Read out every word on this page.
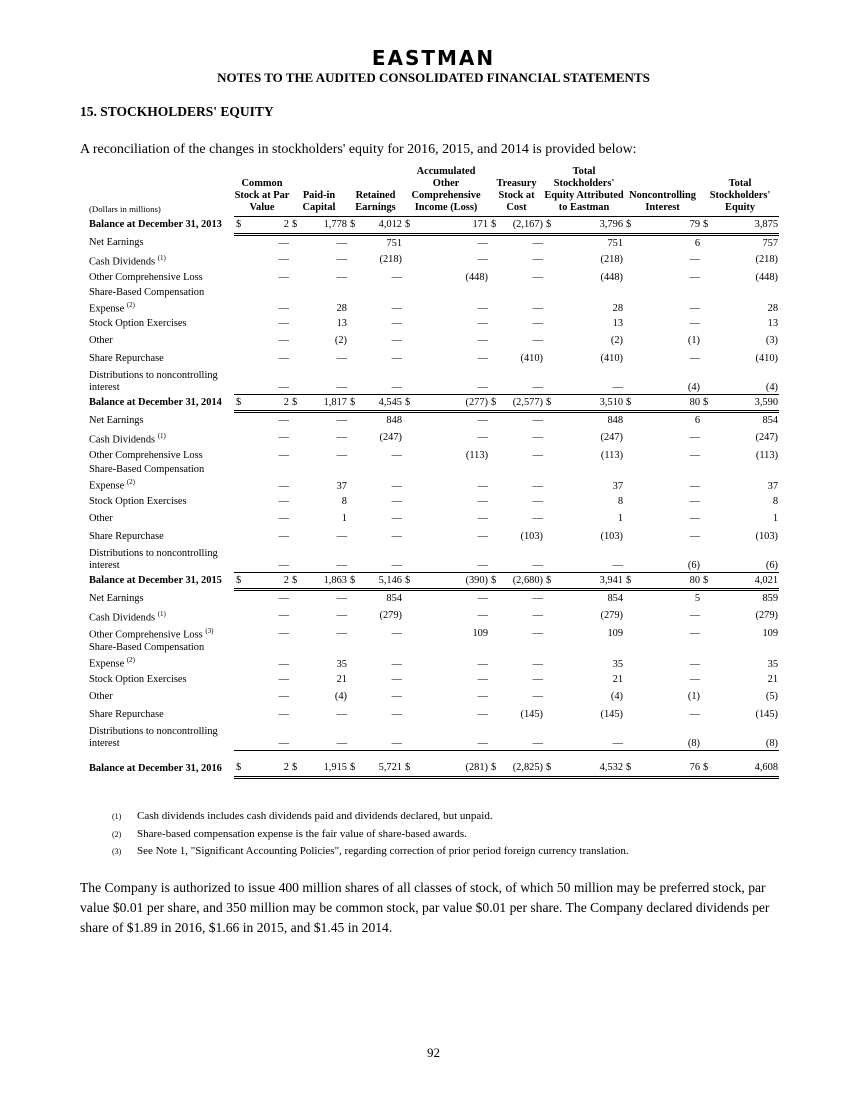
EASTMAN
NOTES TO THE AUDITED CONSOLIDATED FINANCIAL STATEMENTS
15. STOCKHOLDERS' EQUITY
A reconciliation of the changes in stockholders' equity for 2016, 2015, and 2014 is provided below:
(Dollars in millions)	Common Stock at Par Value		Paid-in Capital		Retained Earnings		Accumulated Other Comprehensive Income (Loss)		Treasury Stock at Cost		Total Stockholders' Equity Attributed to Eastman		Noncontrolling Interest		Total Stockholders' Equity	
Balance at December 31, 2013	$	2	$	1,778	$	4,012	$	171	$	(2,167)	$	3,796	$	79	$	3,875
Net Earnings		—		—		751		—		—		751		6		757
Cash Dividends $^{(1)}$		—		—		(218)		—		—		(218)		—		(218)
Other Comprehensive Loss		—		—		—		(448)		—		(448)		—		(448)
Share-Based Compensation Expense $^{(2)}$		—		28		—		—		—		28		—		28
Stock Option Exercises		—		13		—		—		—		13		—		13
Other		—		(2)		—		—		—		(2)		(1)		(3)
Share Repurchase		—		—		—		—		(410)		(410)		—		(410)
Distributions to noncontrolling interest		—		—		—		—		—		—		(4)		(4)
Balance at December 31, 2014	$	2	$	1,817	$	4,545	$	(277)	$	(2,577)	$	3,510	$	80	$	3,590
Net Earnings		—		—		848		—		—		848		6		854
Cash Dividends $^{(1)}$		—		—		(247)		—		—		(247)		—		(247)
Other Comprehensive Loss		—		—		—		(113)		—		(113)		—		(113)
Share-Based Compensation Expense $^{(2)}$		—		37		—		—		—		37		—		37
Stock Option Exercises		—		8		—		—		—		8		—		8
Other		—		1		—		—		—		1		—		1
Share Repurchase		—		—		—		—		(103)		(103)		—		(103)
Distributions to noncontrolling interest		—		—		—		—		—		—		(6)		(6)
Balance at December 31, 2015	$	2	$	1,863	$	5,146	$	(390)	$	(2,680)	$	3,941	$	80	$	4,021
Net Earnings		—		—		854		—		—		854		5		859
Cash Dividends $^{(1)}$		—		—		(279)		—		—		(279)		—		(279)
Other Comprehensive Loss $^{(3)}$		—		—		—		109		—		109		—		109
Share-Based Compensation Expense $^{(2)}$		—		35		—		—		—		35		—		35
Stock Option Exercises		—		21		—		—		—		21		—		21
Other		—		(4)		—		—		—		(4)		(1)		(5)
Share Repurchase		—		—		—		—		(145)		(145)		—		(145)
Distributions to noncontrolling interest		—		—		—		—		—		—		(8)		(8)

Balance at December 31, 2016	$	2	$	1,915	$	5,721	$	(281)	$	(2,825)	$	4,532	$	76	$	4,608
(1)	Cash dividends includes cash dividends paid and dividends declared, but unpaid.
(2)	Share-based compensation expense is the fair value of share-based awards.
(3)	See Note 1, "Significant Accounting Policies", regarding correction of prior period foreign currency translation.
The Company is authorized to issue 400 million shares of all classes of stock, of which 50 million may be preferred stock, par value $0.01 per share, and 350 million may be common stock, par value $0.01 per share. The Company declared dividends per share of $1.89 in 2016, $1.66 in 2015, and $1.45 in 2014.
92
